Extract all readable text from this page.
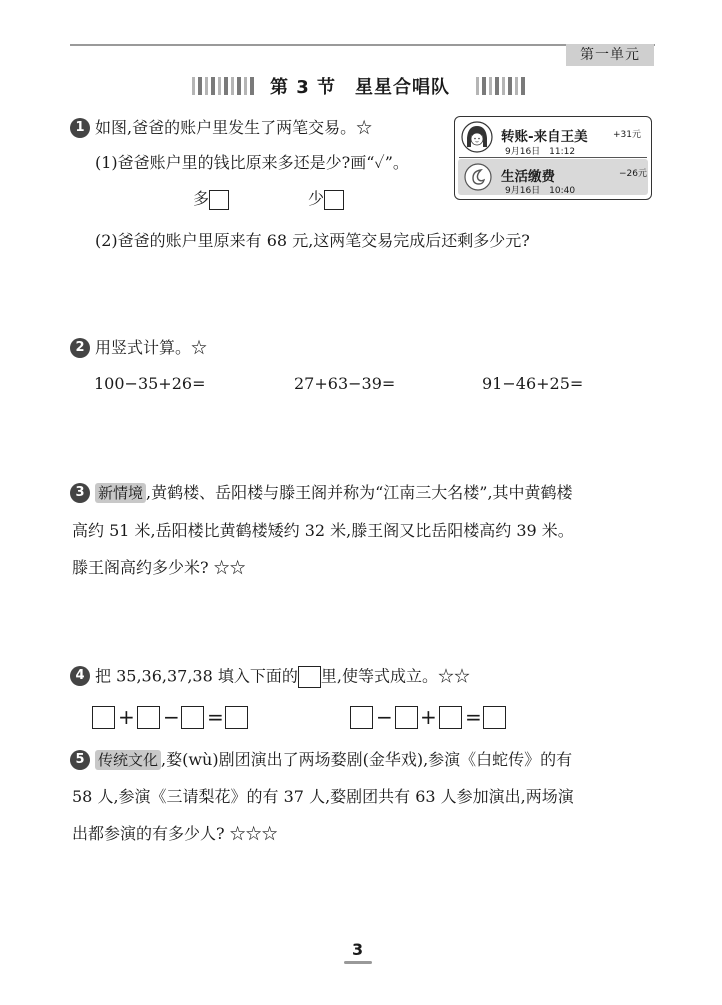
第一单元
第 3 节　星星合唱队
1 如图,爸爸的账户里发生了两笔交易。☆
(1)爸爸账户里的钱比原来多还是少?画“✓”。
多	少
(2)爸爸的账户里原来有 68 元,这两笔交易完成后还剩多少元?
转账-来自王美	+31元
9月16日　11:12
生活缴费	−26元
9月16日　10:40
2 用竖式计算。☆
100−35+26=	27+63−39=	91−46+25=
3 新情境 ,黄鹤楼、岳阳楼与滕王阁并称为“江南三大名楼”,其中黄鹤楼
高约 51 米,岳阳楼比黄鹤楼矮约 32 米,滕王阁又比岳阳楼高约 39 米。
滕王阁高约多少米? ☆☆
4 把 35,36,37,38 填入下面的 里,使等式成立。☆☆
+ − =	− + =
5 传统文化 ,婺(wù)剧团演出了两场婺剧(金华戏),参演《白蛇传》的有
58 人,参演《三请梨花》的有 37 人,婺剧团共有 63 人参加演出,两场演
出都参演的有多少人? ☆☆☆
3
